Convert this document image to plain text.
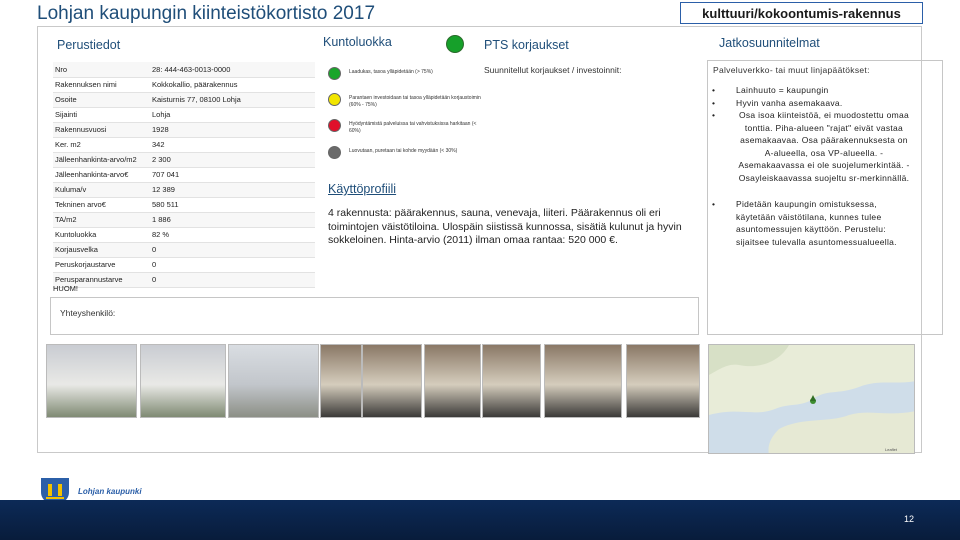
Lohjan kaupungin kiinteistökortisto 2017	kulttuuri/kokoontumis-rakennus
Perustiedot	Kuntoluokka	PTS korjaukset	Jatkosuunnitelmat
Nro	28: 444-463-0013-0000
Rakennuksen nimi	Kokkokallio, päärakennus
Osoite	Kaisturnis 77, 08100 Lohja
Sijainti	Lohja
Rakennusvuosi	1928
Ker. m2	342
Jälleenhankinta-arvo/m2	2 300
Jälleenhankinta-arvo€	707 041
Kuluma/v	12 389
Tekninen arvo€	580 511
TA/m2	1 886
Kuntoluokka	82 %
Korjausvelka	0
Peruskorjaustarve	0
Perusparannustarve	0
HUOM!
Yhteyshenkilö:
Laadukas, tasoa ylläpidetään (> 75%)
Parantaen investoidaan tai tasoa ylläpidetään korjaustoimin (60% - 75%)
Hyödyntämistä palveluissa tai vahvistuksissa harkitaan (< 60%)
Luovutaan, puretaan tai kohde myydään (< 30%)
Käyttöprofiili
4 rakennusta: päärakennus, sauna, venevaja, liiteri. Päärakennus oli eri toimintojen väistötiloina. Ulospäin siistissä kunnossa, sisätiä kulunut ja hyvin sokkeloinen. Hinta-arvio (2011) ilman omaa rantaa: 520 000 €.
Suunnitellut korjaukset / investoinnit:	Palveluverkko- tai muut linjapäätökset:
• Lainhuuto = kaupungin
• Hyvin vanha asemakaava.
• Osa isoa kiinteistöä, ei muodostettu omaa tonttia. Piha-alueen "rajat" eivät vastaa asemakaavaa. Osa päärakennuksesta on A-alueella, osa VP-alueella. - Asemakaavassa ei ole suojelumerkintää. - Osayleiskaavassa suojeltu sr-merkinnällä.
• Pidetään kaupungin omistuksessa, käytetään väistötilana, kunnes tulee asuntomessujen käyttöön. Perustelu: sijaitsee tulevalla asuntomessualueella.
Leaflet
Lohjan kaupunki
12
